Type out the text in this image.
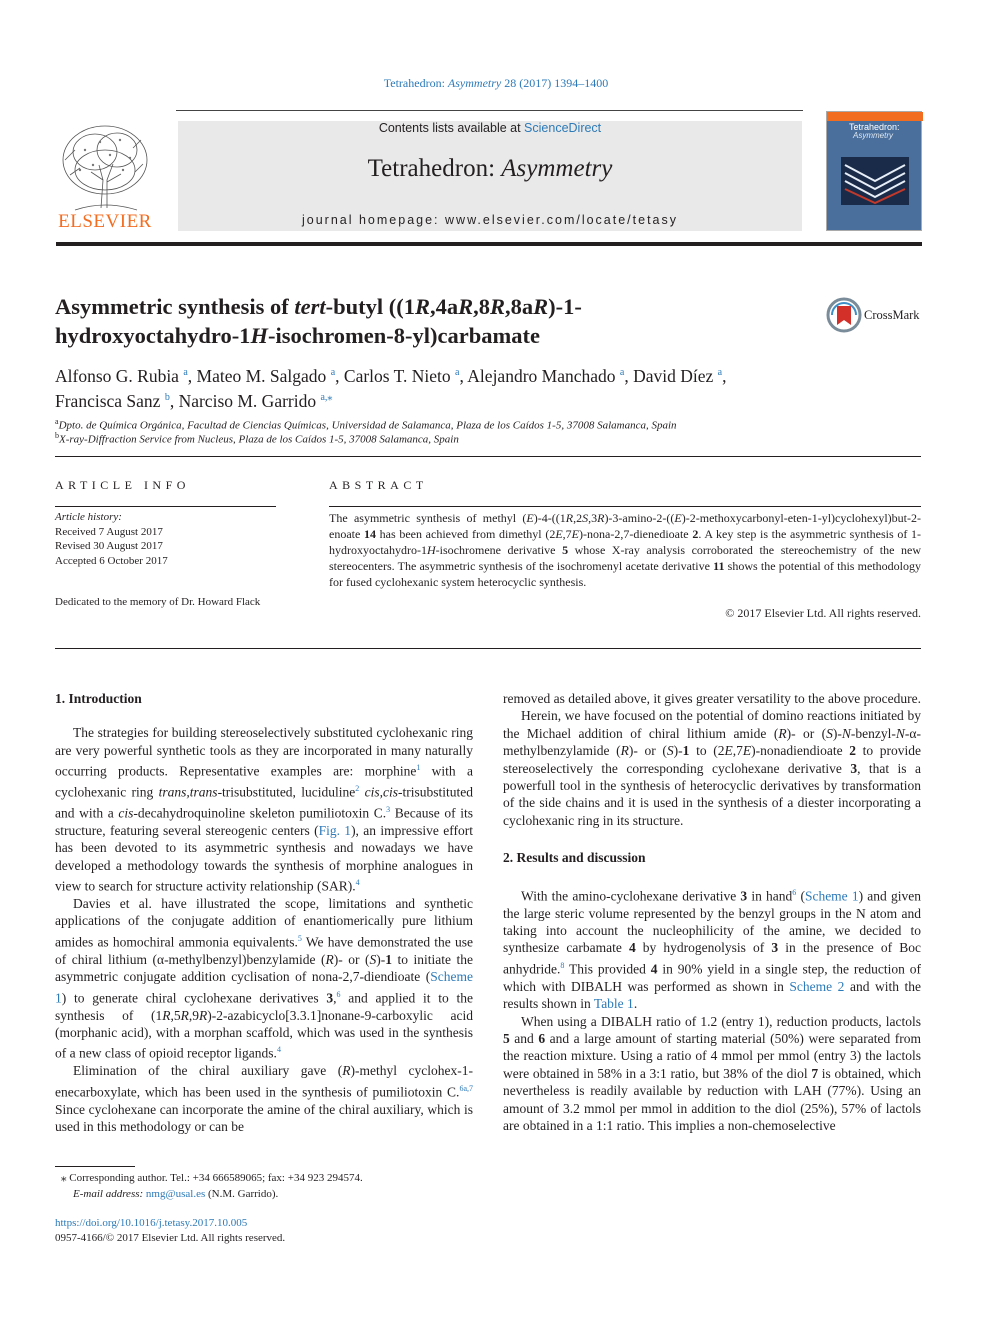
Tetrahedron: Asymmetry 28 (2017) 1394–1400
ELSEVIER
Contents lists available at ScienceDirect
Tetrahedron: Asymmetry
journal homepage: www.elsevier.com/locate/tetasy
Tetrahedron:
Asymmetry
Asymmetric synthesis of tert-butyl ((1R,4aR,8R,8aR)-1-
hydroxyoctahydro-1H-isochromen-8-yl)carbamate
CrossMark
Alfonso G. Rubia $^a$, Mateo M. Salgado $^a$, Carlos T. Nieto $^a$, Alejandro Manchado $^a$, David Díez $^a$,
Francisca Sanz $^b$, Narciso M. Garrido $^{a,⁎}$
$^a$Dpto. de Química Orgánica, Facultad de Ciencias Químicas, Universidad de Salamanca, Plaza de los Caídos 1-5, 37008 Salamanca, Spain
$^b$X-ray-Diffraction Service from Nucleus, Plaza de los Caídos 1-5, 37008 Salamanca, Spain
ARTICLE INFO	ABSTRACT
Article history:
Received 7 August 2017
Revised 30 August 2017
Accepted 6 October 2017
Dedicated to the memory of Dr. Howard Flack
The asymmetric synthesis of methyl (E)-4-((1R,2S,3R)-3-amino-2-((E)-2-methoxycarbonyl-eten-1-yl)cyclohexyl)but-2-enoate 14 has been achieved from dimethyl (2E,7E)-nona-2,7-dienedioate 2. A key step is the asymmetric synthesis of 1-hydroxyoctahydro-1H-isochromene derivative 5 whose X-ray analysis corroborated the stereochemistry of the new stereocenters. The asymmetric synthesis of the isochromenyl acetate derivative 11 shows the potential of this methodology for fused cyclohexanic system heterocyclic synthesis.
© 2017 Elsevier Ltd. All rights reserved.
1. Introduction

The strategies for building stereoselectively substituted cyclohexanic ring are very powerful synthetic tools as they are incorporated in many naturally occurring products. Representative examples are: morphine$^1$ with a cyclohexanic ring trans,trans-trisubstituted, luciduline$^2$ cis,cis-trisubstituted and with a cis-decahydroquinoline skeleton pumiliotoxin C.$^3$ Because of its structure, featuring several stereogenic centers (Fig. 1), an impressive effort has been devoted to its asymmetric synthesis and nowadays we have developed a methodology towards the synthesis of morphine analogues in view to search for structure activity relationship (SAR).$^4$

Davies et al. have illustrated the scope, limitations and synthetic applications of the conjugate addition of enantiomerically pure lithium amides as homochiral ammonia equivalents.$^5$ We have demonstrated the use of chiral lithium (α-methylbenzyl)benzylamide (R)- or (S)-1 to initiate the asymmetric conjugate addition cyclisation of nona-2,7-diendioate (Scheme 1) to generate chiral cyclohexane derivatives 3,$^6$ and applied it to the synthesis of (1R,5R,9R)-2-azabicyclo[3.3.1]nonane-9-carboxylic acid (morphanic acid), with a morphan scaffold, which was used in the synthesis of a new class of opioid receptor ligands.$^4$

Elimination of the chiral auxiliary gave (R)-methyl cyclohex-1-enecarboxylate, which has been used in the synthesis of pumiliotoxin C.$^{6a,7}$ Since cyclohexane can incorporate the amine of the chiral auxiliary, which is used in this methodology or can be

removed as detailed above, it gives greater versatility to the above procedure.

Herein, we have focused on the potential of domino reactions initiated by the Michael addition of chiral lithium amide (R)- or (S)-N-benzyl-N-α-methylbenzylamide (R)- or (S)-1 to (2E,7E)-nonadiendioate 2 to provide stereoselectively the corresponding cyclohexane derivative 3, that is a powerfull tool in the synthesis of heterocyclic derivatives by transformation of the side chains and it is used in the synthesis of a diester incorporating a cyclohexanic ring in its structure.

2. Results and discussion

With the amino-cyclohexane derivative 3 in hand$^6$ (Scheme 1) and given the large steric volume represented by the benzyl groups in the N atom and taking into account the nucleophilicity of the amine, we decided to synthesize carbamate 4 by hydrogenolysis of 3 in the presence of Boc anhydride.$^8$ This provided 4 in 90% yield in a single step, the reduction of which with DIBALH was performed as shown in Scheme 2 and with the results shown in Table 1.

When using a DIBALH ratio of 1.2 (entry 1), reduction products, lactols 5 and 6 and a large amount of starting material (50%) were separated from the reaction mixture. Using a ratio of 4 mmol per mmol (entry 3) the lactols were obtained in 58% in a 3:1 ratio, but 38% of the diol 7 is obtained, which nevertheless is readily available by reduction with LAH (77%). Using an amount of 3.2 mmol per mmol in addition to the diol (25%), 57% of lactols are obtained in a 1:1 ratio. This implies a non-chemoselective

⁎ Corresponding author. Tel.: +34 666589065; fax: +34 923 294574.
E-mail address: nmg@usal.es (N.M. Garrido).
https://doi.org/10.1016/j.tetasy.2017.10.005
0957-4166/© 2017 Elsevier Ltd. All rights reserved.
